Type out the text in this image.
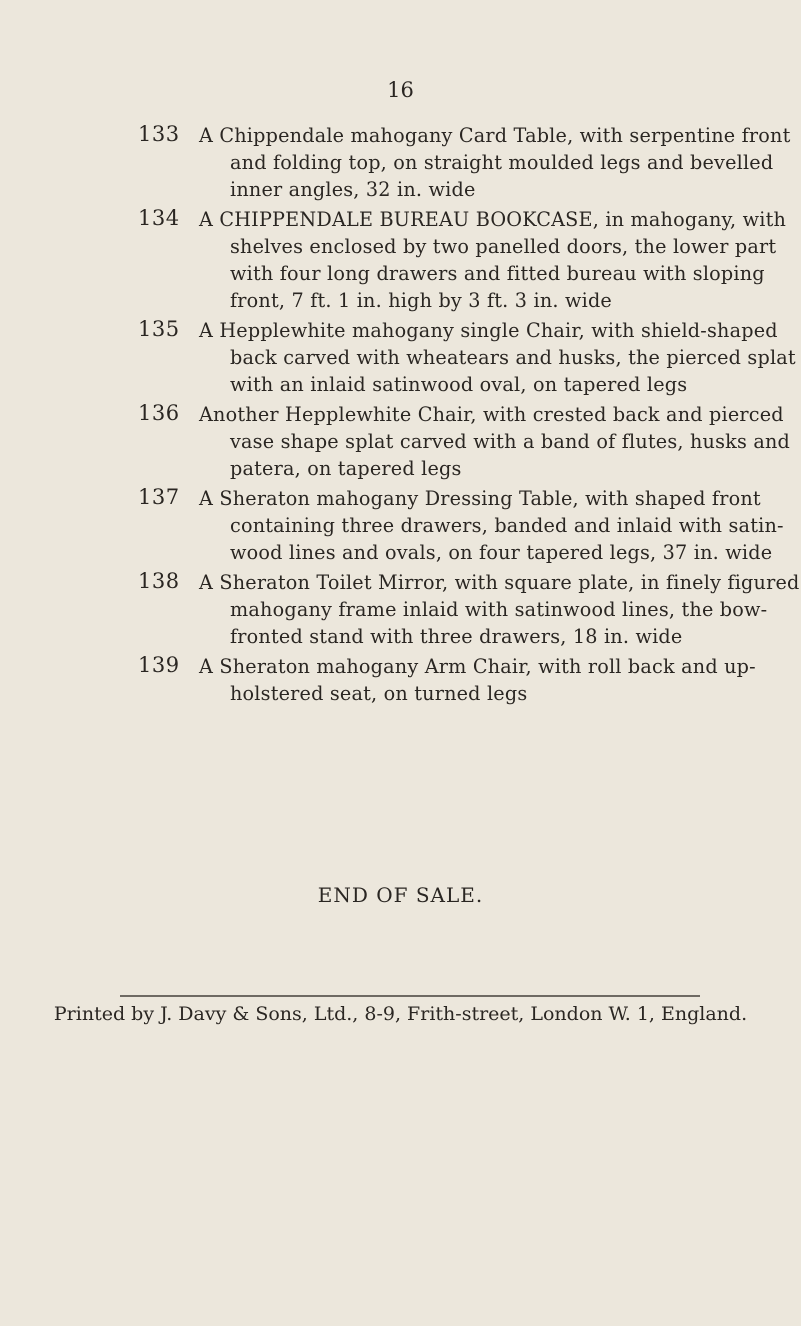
16
133 A Chippendale mahogany Card Table, with serpentine front

and folding top, on straight moulded legs and bevelled

inner angles, 32 in. wide

134 A CHIPPENDALE BUREAU BOOKCASE, in mahogany, with

shelves enclosed by two panelled doors, the lower part

with four long drawers and fitted bureau with sloping

front, 7 ft. 1 in. high by 3 ft. 3 in. wide

135 A Hepplewhite mahogany single Chair, with shield-shaped

back carved with wheatears and husks, the pierced splat

with an inlaid satinwood oval, on tapered legs

136 Another Hepplewhite Chair, with crested back and pierced

vase shape splat carved with a band of flutes, husks and

patera, on tapered legs

137 A Sheraton mahogany Dressing Table, with shaped front

containing three drawers, banded and inlaid with satin-

wood lines and ovals, on four tapered legs, 37 in. wide

138 A Sheraton Toilet Mirror, with square plate, in finely figured

mahogany frame inlaid with satinwood lines, the bow-

fronted stand with three drawers, 18 in. wide

139 A Sheraton mahogany Arm Chair, with roll back and up-

holstered seat, on turned legs

END OF SALE.
Printed by J. Davy & Sons, Ltd., 8-9, Frith-street, London W. 1, England.
